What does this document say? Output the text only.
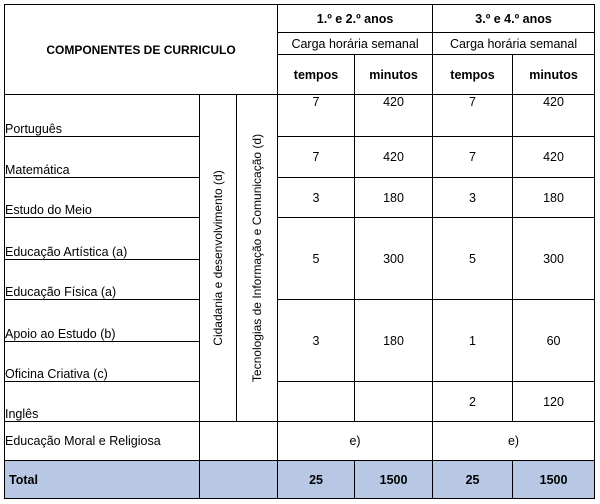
COMPONENTES DE CURRICULO			1.º e 2.º anos		3.º e 4.º anos	
			Carga horária semanal		Carga horária semanal	
			tempos	minutos	tempos	minutos
Português	Cidadania e desenvolvimento (d)	Tecnologias de Informação e Comunicação (d)	7	420	7	420
Matemática			7	420	7	420
Estudo do Meio			3	180	3	180
Educação Artística (a)			5	300	5	300
Educação Física (a)						
Apoio ao Estudo (b)			3	180	1	60
Oficina Criativa (c)						
Inglês					2	120
Educação Moral e Religiosa			e)		e)	
Total			25	1500	25	1500
